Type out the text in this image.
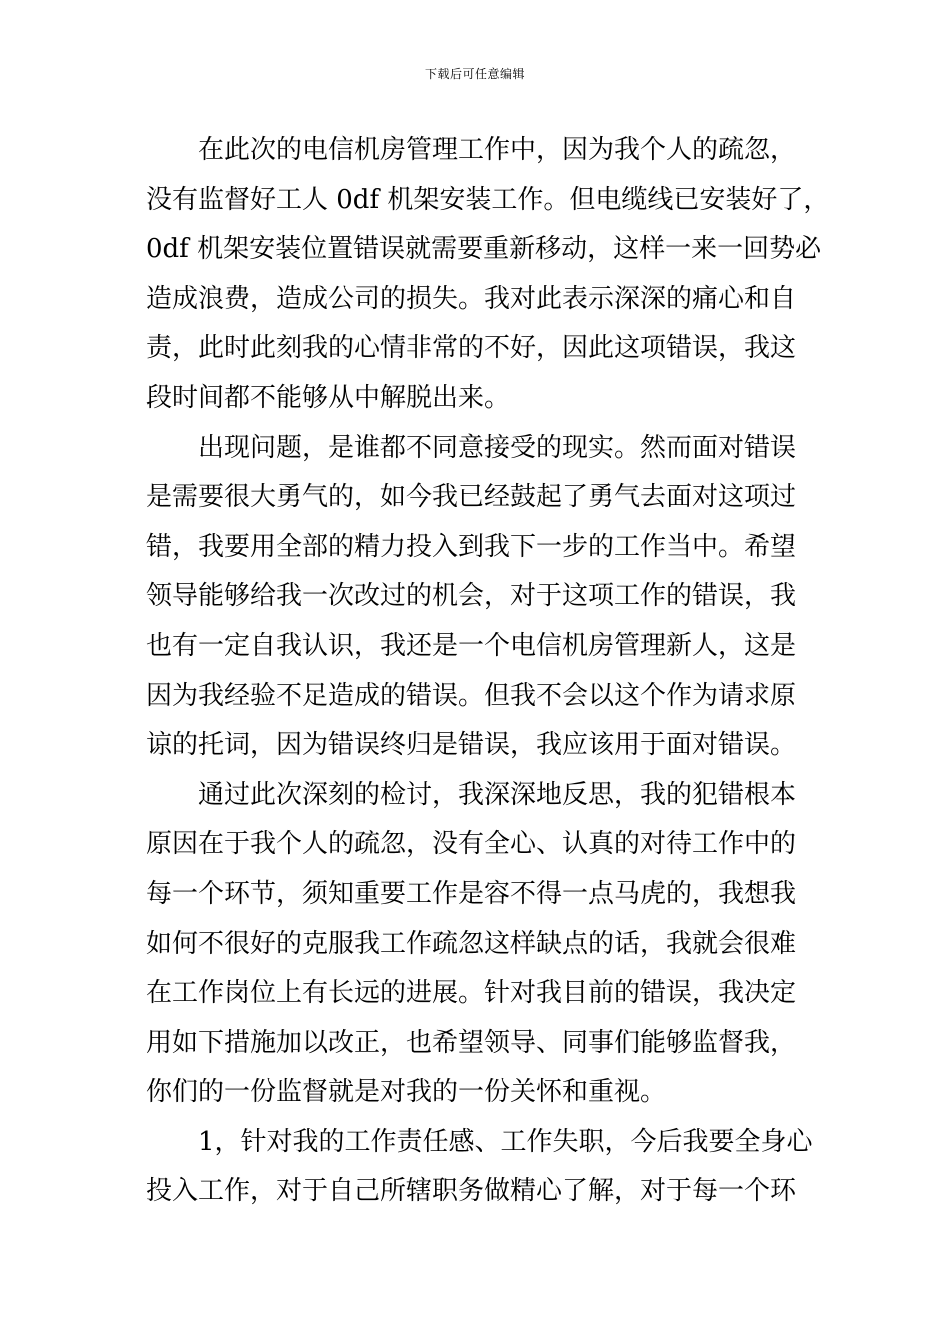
下载后可任意编辑
在此次的电信机房管理工作中，因为我个人的疏忽，
没有监督好工人 0df 机架安装工作。但电缆线已安装好了，
0df 机架安装位置错误就需要重新移动，这样一来一回势必
造成浪费，造成公司的损失。我对此表示深深的痛心和自
责，此时此刻我的心情非常的不好，因此这项错误，我这
段时间都不能够从中解脱出来。
出现问题，是谁都不同意接受的现实。然而面对错误
是需要很大勇气的，如今我已经鼓起了勇气去面对这项过
错，我要用全部的精力投入到我下一步的工作当中。希望
领导能够给我一次改过的机会，对于这项工作的错误，我
也有一定自我认识，我还是一个电信机房管理新人，这是
因为我经验不足造成的错误。但我不会以这个作为请求原
谅的托词，因为错误终归是错误，我应该用于面对错误。
通过此次深刻的检讨，我深深地反思，我的犯错根本
原因在于我个人的疏忽，没有全心、认真的对待工作中的
每一个环节，须知重要工作是容不得一点马虎的，我想我
如何不很好的克服我工作疏忽这样缺点的话，我就会很难
在工作岗位上有长远的进展。针对我目前的错误，我决定
用如下措施加以改正，也希望领导、同事们能够监督我，
你们的一份监督就是对我的一份关怀和重视。
1，针对我的工作责任感、工作失职，今后我要全身心
投入工作，对于自己所辖职务做精心了解，对于每一个环
